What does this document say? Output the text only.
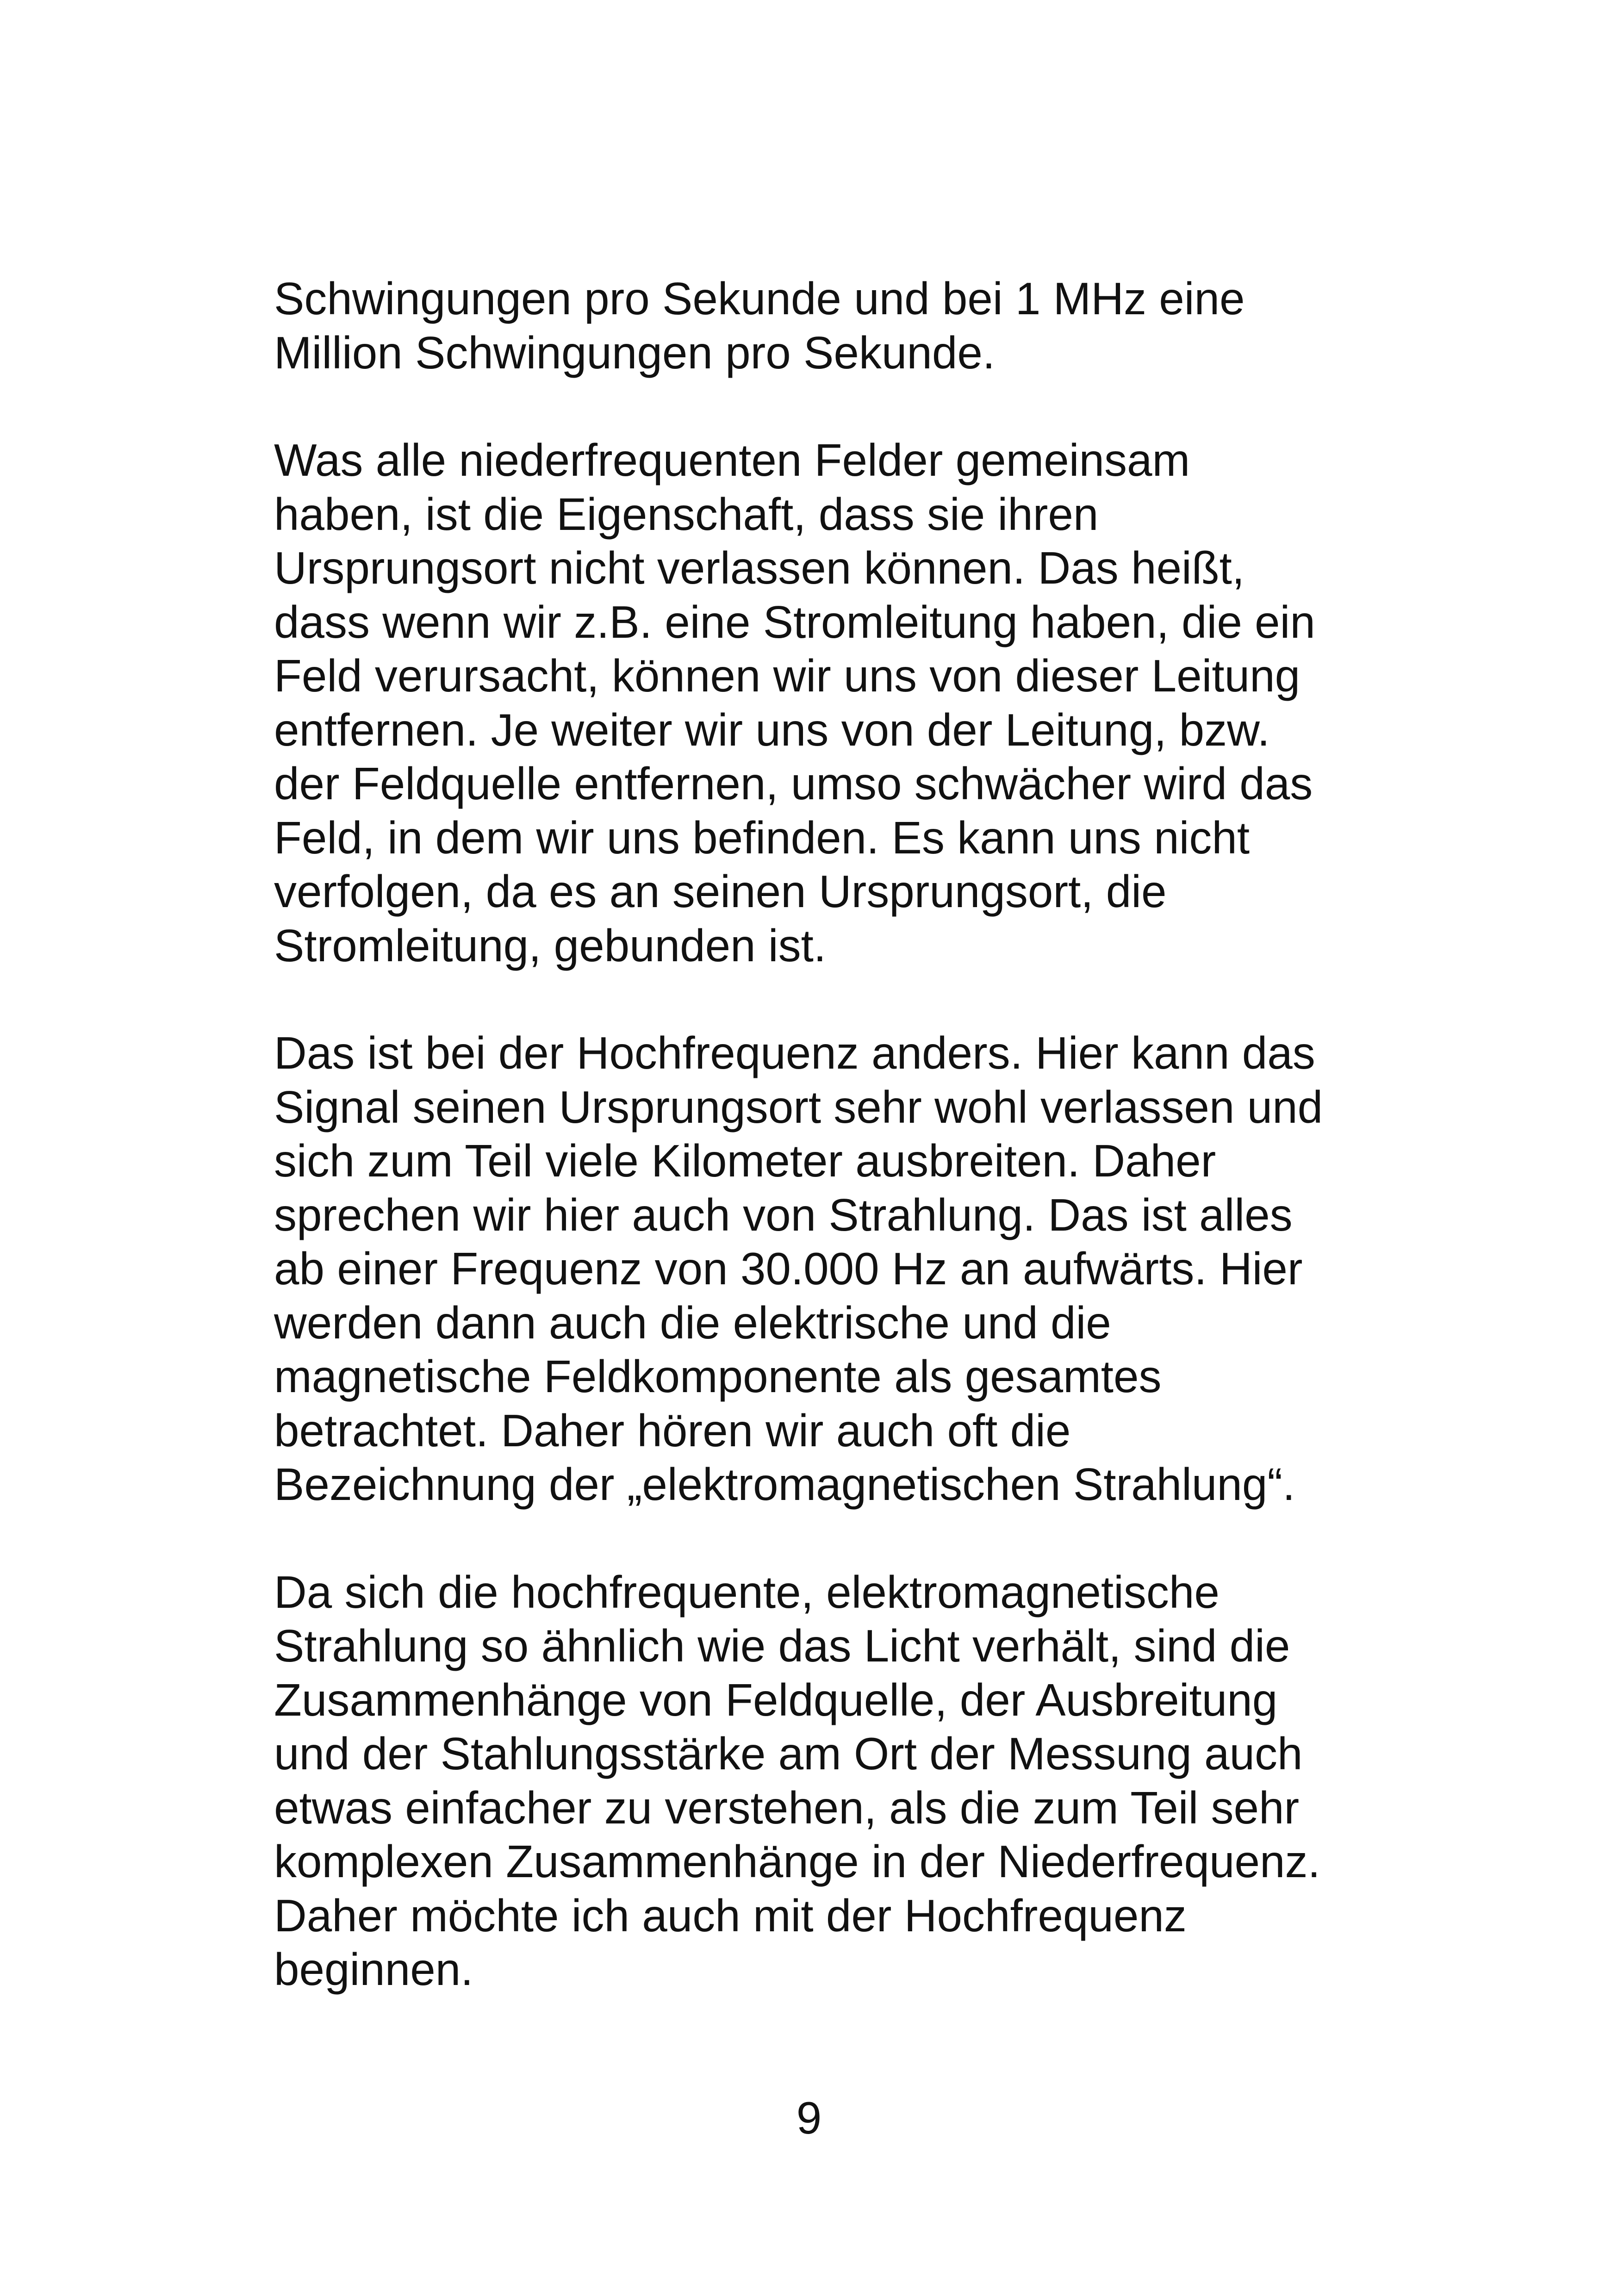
Schwingungen pro Sekunde und bei 1 MHz eine
Million Schwingungen pro Sekunde.

Was alle niederfrequenten Felder gemeinsam
haben, ist die Eigenschaft, dass sie ihren
Ursprungsort nicht verlassen können. Das heißt,
dass wenn wir z.B. eine Stromleitung haben, die ein
Feld verursacht, können wir uns von dieser Leitung
entfernen. Je weiter wir uns von der Leitung, bzw.
der Feldquelle entfernen, umso schwächer wird das
Feld, in dem wir uns befinden. Es kann uns nicht
verfolgen, da es an seinen Ursprungsort, die
Stromleitung, gebunden ist.

Das ist bei der Hochfrequenz anders. Hier kann das
Signal seinen Ursprungsort sehr wohl verlassen und
sich zum Teil viele Kilometer ausbreiten. Daher
sprechen wir hier auch von Strahlung. Das ist alles
ab einer Frequenz von 30.000 Hz an aufwärts. Hier
werden dann auch die elektrische und die
magnetische Feldkomponente als gesamtes
betrachtet. Daher hören wir auch oft die
Bezeichnung der „elektromagnetischen Strahlung“.

Da sich die hochfrequente, elektromagnetische
Strahlung so ähnlich wie das Licht verhält, sind die
Zusammenhänge von Feldquelle, der Ausbreitung
und der Stahlungsstärke am Ort der Messung auch
etwas einfacher zu verstehen, als die zum Teil sehr
komplexen Zusammenhänge in der Niederfrequenz.
Daher möchte ich auch mit der Hochfrequenz
beginnen.

9
